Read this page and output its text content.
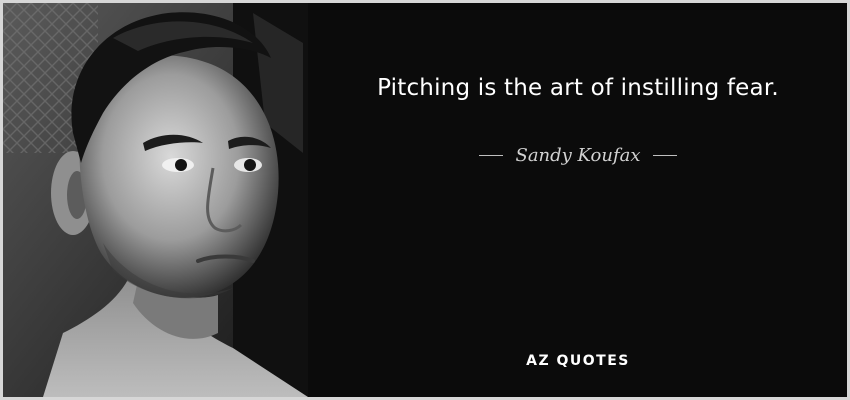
Pitching is the art of instilling fear.

Sandy Koufax
AZ QUOTES
